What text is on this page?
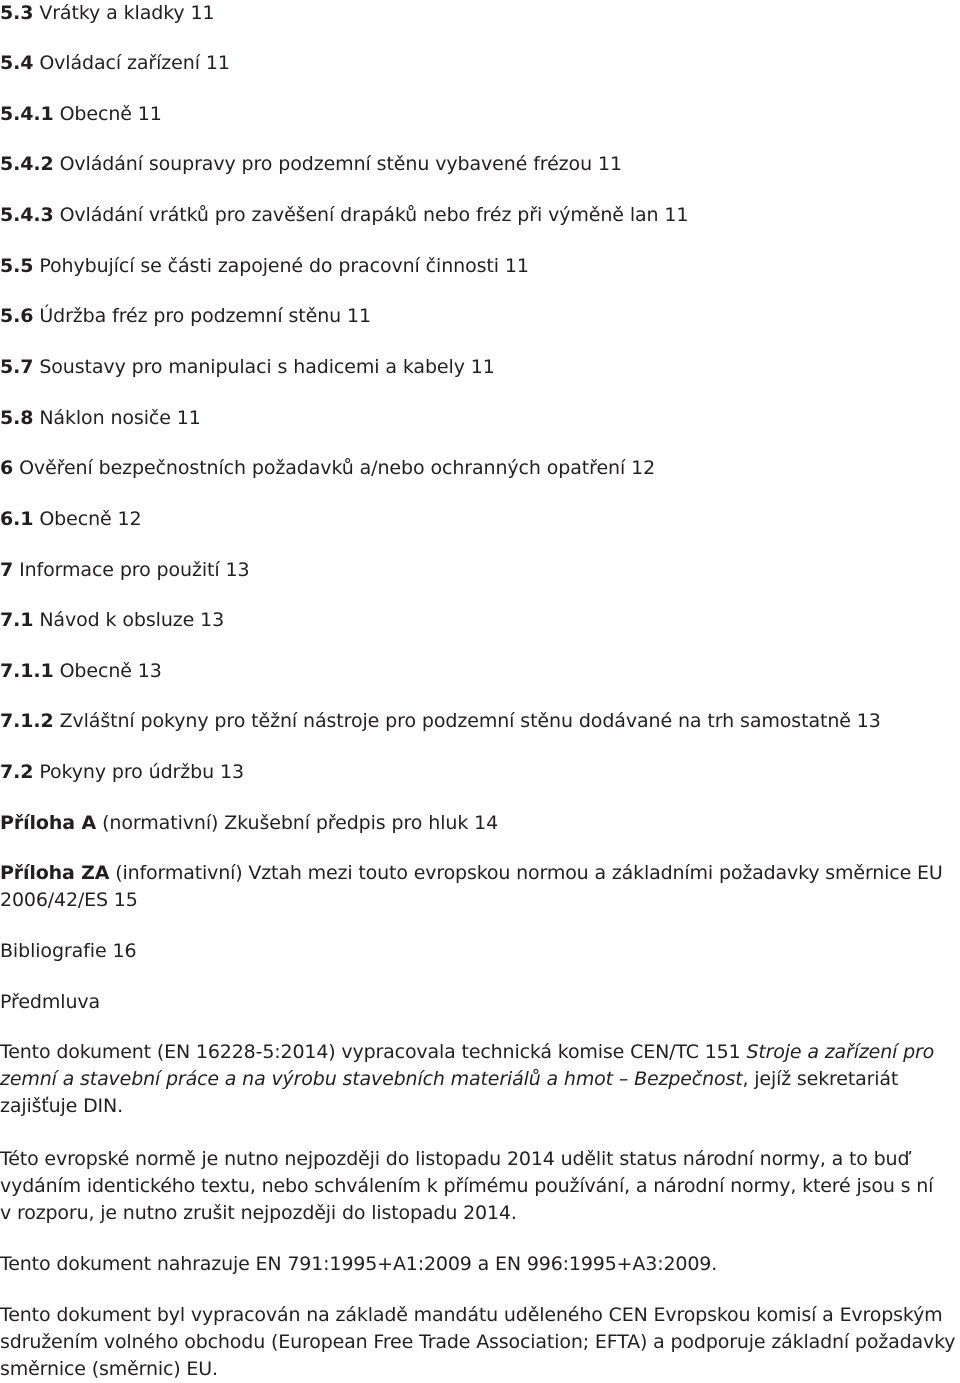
5.3 Vrátky a kladky 11
5.4 Ovládací zařízení 11
5.4.1 Obecně 11
5.4.2 Ovládání soupravy pro podzemní stěnu vybavené frézou 11
5.4.3 Ovládání vrátků pro zavěšení drapáků nebo fréz při výměně lan 11
5.5 Pohybující se části zapojené do pracovní činnosti 11
5.6 Údržba fréz pro podzemní stěnu 11
5.7 Soustavy pro manipulaci s hadicemi a kabely 11
5.8 Náklon nosiče 11
6 Ověření bezpečnostních požadavků a/nebo ochranných opatření 12
6.1 Obecně 12
7 Informace pro použití 13
7.1 Návod k obsluze 13
7.1.1 Obecně 13
7.1.2 Zvláštní pokyny pro těžní nástroje pro podzemní stěnu dodávané na trh samostatně 13
7.2 Pokyny pro údržbu 13
Příloha A (normativní) Zkušební předpis pro hluk 14
Příloha ZA (informativní) Vztah mezi touto evropskou normou a základními požadavky směrnice EU
2006/42/ES 15
Bibliografie 16
Předmluva
Tento dokument (EN 16228-5:2014) vypracovala technická komise CEN/TC 151 Stroje a zařízení pro
zemní a stavební práce a na výrobu stavebních materiálů a hmot – Bezpečnost, jejíž sekretariát
zajišťuje DIN.
Této evropské normě je nutno nejpozději do listopadu 2014 udělit status národní normy, a to buď
vydáním identického textu, nebo schválením k přímému používání, a národní normy, které jsou s ní
v rozporu, je nutno zrušit nejpozději do listopadu 2014.
Tento dokument nahrazuje EN 791:1995+A1:2009 a EN 996:1995+A3:2009.
Tento dokument byl vypracován na základě mandátu uděleného CEN Evropskou komisí a Evropským
sdružením volného obchodu (European Free Trade Association; EFTA) a podporuje základní požadavky
směrnice (směrnic) EU.
